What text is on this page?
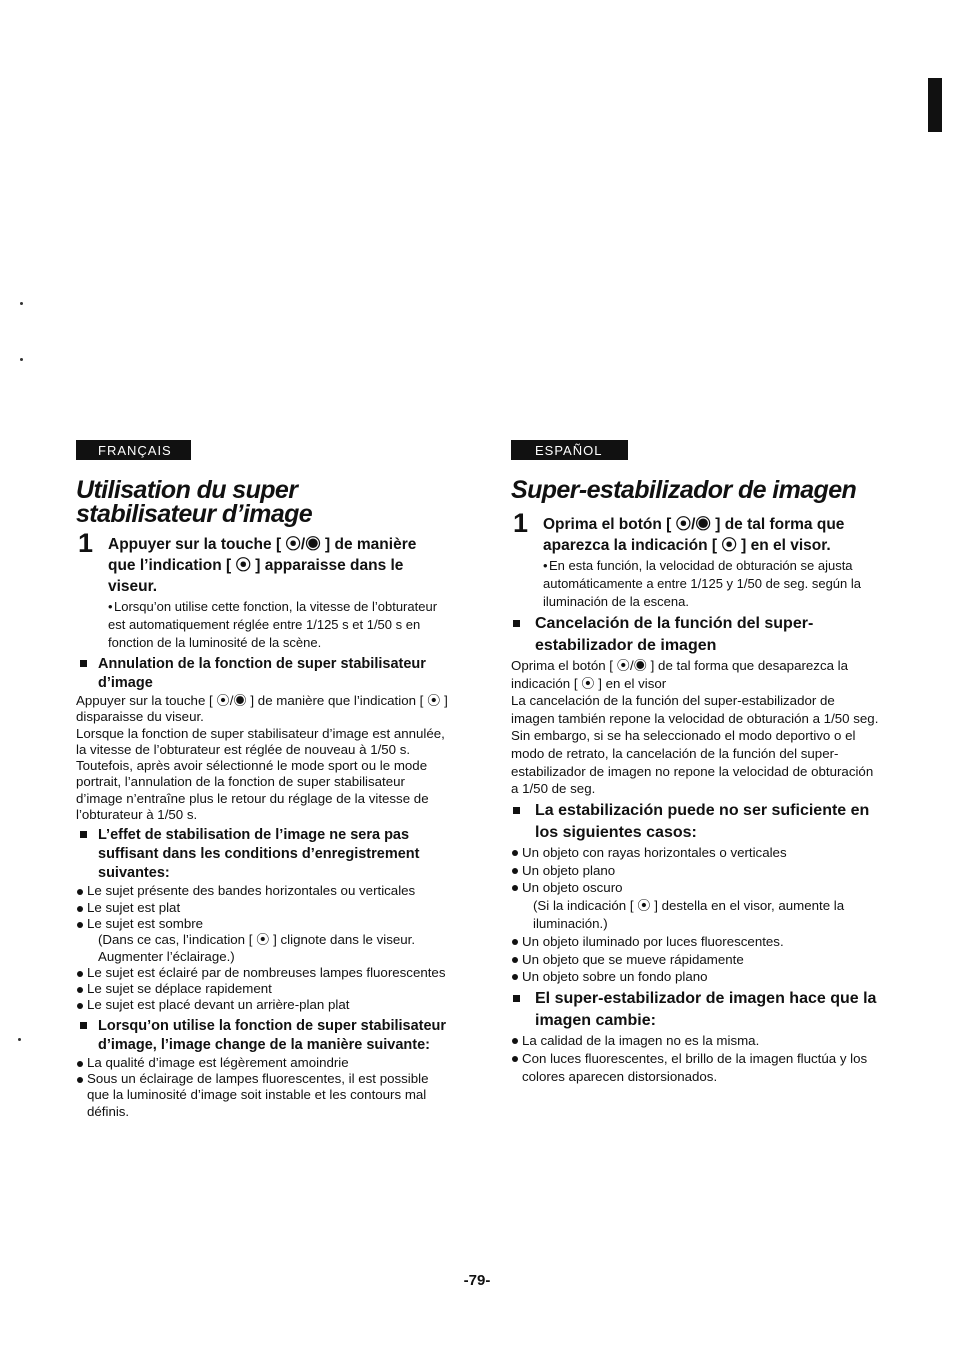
FRANÇAIS
Utilisation du super
stabilisateur d’image
1 Appuyer sur la touche [ ⦿/◉ ] de manière que l’indication [ ⦿ ] apparaisse dans le viseur.
•Lorsqu’on utilise cette fonction, la vitesse de l’obturateur est automatiquement réglée entre 1/125 s et 1/50 s en fonction de la luminosité de la scène.
Annulation de la fonction de super stabilisateur d’image

Appuyer sur la touche [ ⦿/◉ ] de manière que l’indication [ ⦿ ] disparaisse du viseur.

Lorsque la fonction de super stabilisateur d’image est annulée, la vitesse de l’obturateur est réglée de nouveau à 1/50 s. Toutefois, après avoir sélectionné le mode sport ou le mode portrait, l’annulation de la fonction de super stabilisateur d’image n’entraîne plus le retour du réglage de la vitesse de l’obturateur à 1/50 s.

L’effet de stabilisation de l’image ne sera pas suffisant dans les conditions d’enregistrement suivantes:
Le sujet présente des bandes horizontales ou verticales
Le sujet est plat
Le sujet est sombre
(Dans ce cas, l’indication [ ⦿ ] clignote dans le viseur. Augmenter l’éclairage.)
Le sujet est éclairé par de nombreuses lampes fluorescentes
Le sujet se déplace rapidement
Le sujet est placé devant un arrière-plan plat
Lorsqu’on utilise la fonction de super stabilisateur d’image, l’image change de la manière suivante:
La qualité d’image est légèrement amoindrie
Sous un éclairage de lampes fluorescentes, il est possible que la luminosité d’image soit instable et les contours mal définis.
ESPAÑOL
Super-estabilizador de imagen
1 Oprima el botón [ ⦿/◉ ] de tal forma que aparezca la indicación [ ⦿ ] en el visor.
•En esta función, la velocidad de obturación se ajusta automáticamente a entre 1/125 y 1/50 de seg. según la iluminación de la escena.
Cancelación de la función del super-estabilizador de imagen

Oprima el botón [ ⦿/◉ ] de tal forma que desaparezca la indicación [ ⦿ ] en el visor

La cancelación de la función del super-estabilizador de imagen también repone la velocidad de obturación a 1/50 seg. Sin embargo, si se ha seleccionado el modo deportivo o el modo de retrato, la cancelación de la función del super-estabilizador de imagen no repone la velocidad de obturación a 1/50 de seg.

La estabilización puede no ser suficiente en los siguientes casos:
Un objeto con rayas horizontales o verticales
Un objeto plano
Un objeto oscuro
(Si la indicación [ ⦿ ] destella en el visor, aumente la iluminación.)
Un objeto iluminado por luces fluorescentes.
Un objeto que se mueve rápidamente
Un objeto sobre un fondo plano
El super-estabilizador de imagen hace que la imagen cambie:
La calidad de la imagen no es la misma.
Con luces fluorescentes, el brillo de la imagen fluctúa y los colores aparecen distorsionados.
-79-
